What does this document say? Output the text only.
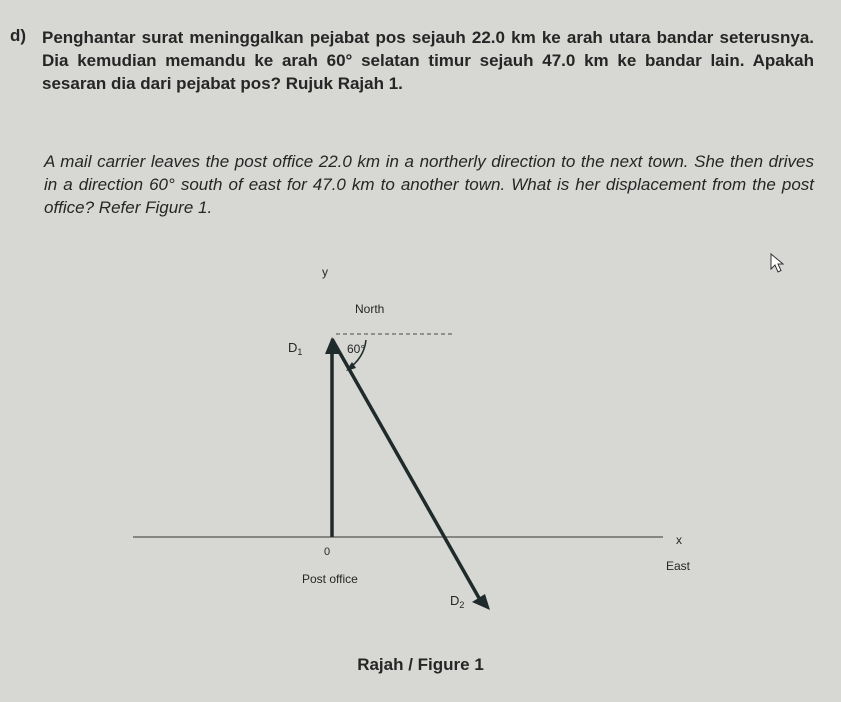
d) Penghantar surat meninggalkan pejabat pos sejauh 22.0 km ke arah utara bandar seterusnya. Dia kemudian memandu ke arah 60° selatan timur sejauh 47.0 km ke bandar lain. Apakah sesaran dia dari pejabat pos? Rujuk Rajah 1.
A mail carrier leaves the post office 22.0 km in a northerly direction to the next town. She then drives in a direction 60° south of east for 47.0 km to another town. What is her displacement from the post office? Refer Figure 1.
y
North
60°
$D_1$
x
0
Post office
East
$D_2$
Rajah / Figure 1
